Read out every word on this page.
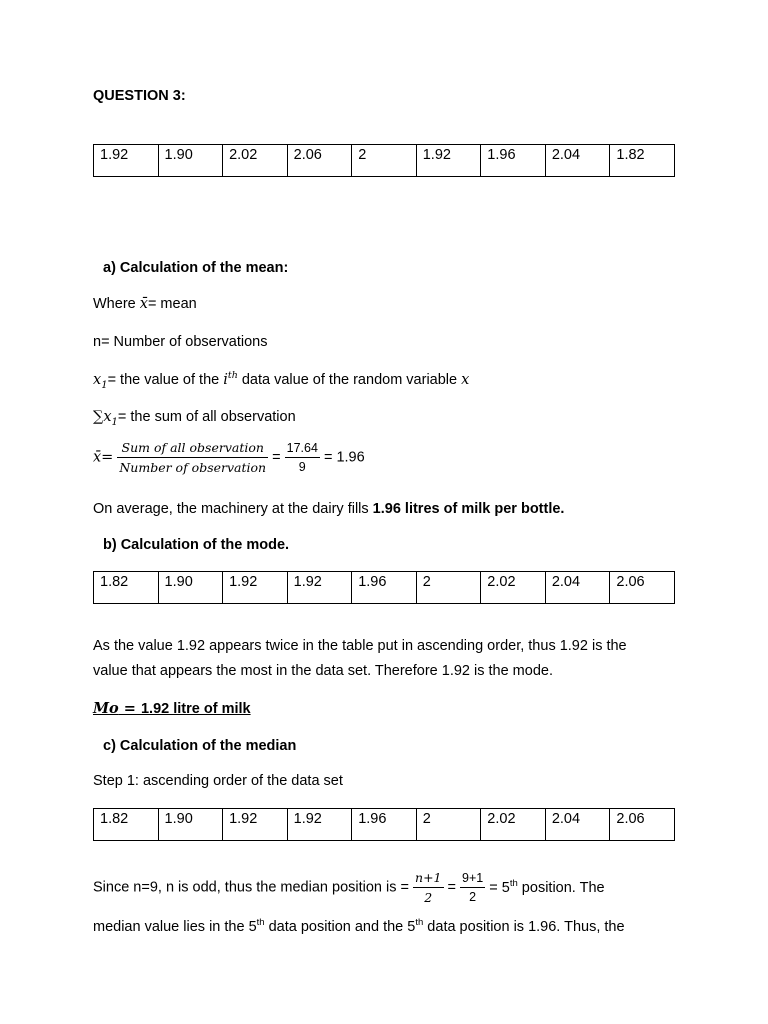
QUESTION 3:
1.92	1.90	2.02	2.06	2	1.92	1.96	2.04	1.82
a) Calculation of the mean:
Where x̄= mean
n= Number of observations
$x_1=$ the value of the $i^{th}$ data value of the random variable x
$\sum x_1=$ the sum of all observation
x̄= $\frac{\text{Sum of all observation}}{\text{Number of observation}} = \frac{17.64}{9} = 1.96$
On average, the machinery at the dairy fills 1.96 litres of milk per bottle.
b) Calculation of the mode.
1.82	1.90	1.92	1.92	1.96	2	2.02	2.04	2.06
As the value 1.92 appears twice in the table put in ascending order, thus 1.92 is the
value that appears the most in the data set. Therefore 1.92 is the mode.
Mo = 1.92 litre of milk
c) Calculation of the median
Step 1: ascending order of the data set
1.82	1.90	1.92	1.92	1.96	2	2.02	2.04	2.06
Since n=9, n is odd, thus the median position is = $\frac{n+1}{2} = \frac{9+1}{2} = 5th$ position. The
median value lies in the 5th data position and the 5th data position is 1.96. Thus, the
